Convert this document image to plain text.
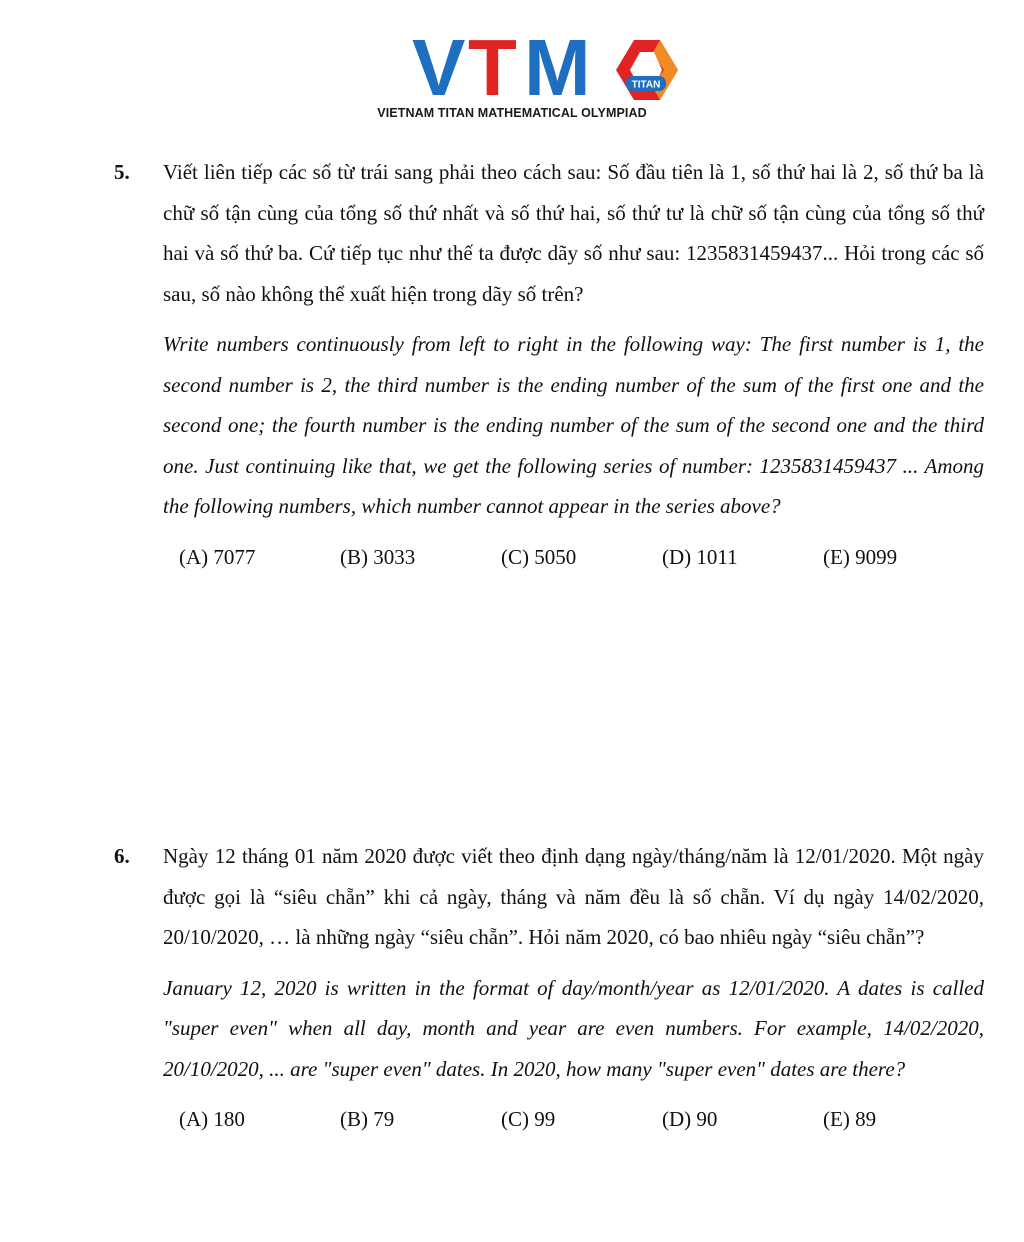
V T M	TITAN
VIETNAM TITAN MATHEMATICAL OLYMPIAD
5. Viết liên tiếp các số từ trái sang phải theo cách sau: Số đầu tiên là 1, số thứ hai là 2, số thứ ba là chữ số tận cùng của tổng số thứ nhất và số thứ hai, số thứ tư là chữ số tận cùng của tổng số thứ hai và số thứ ba. Cứ tiếp tục như thế ta được dãy số như sau: 1235831459437... Hỏi trong các số sau, số nào không thể xuất hiện trong dãy số trên?

Write numbers continuously from left to right in the following way: The first number is 1, the second number is 2, the third number is the ending number of the sum of the first one and the second one; the fourth number is the ending number of the sum of the second one and the third one. Just continuing like that, we get the following series of number: 1235831459437 ... Among the following numbers, which number cannot appear in the series above?

(A) 7077	(B) 3033	(C) 5050	(D) 1011	(E) 9099
6. Ngày 12 tháng 01 năm 2020 được viết theo định dạng ngày/tháng/năm là 12/01/2020. Một ngày được gọi là “siêu chẵn” khi cả ngày, tháng và năm đều là số chẵn. Ví dụ ngày 14/02/2020, 20/10/2020, … là những ngày “siêu chẵn”. Hỏi năm 2020, có bao nhiêu ngày “siêu chẵn”?

January 12, 2020 is written in the format of day/month/year as 12/01/2020. A dates is called "super even" when all day, month and year are even numbers. For example, 14/02/2020, 20/10/2020, ... are "super even" dates. In 2020, how many "super even" dates are there?

(A) 180	(B) 79	(C) 99	(D) 90	(E) 89
